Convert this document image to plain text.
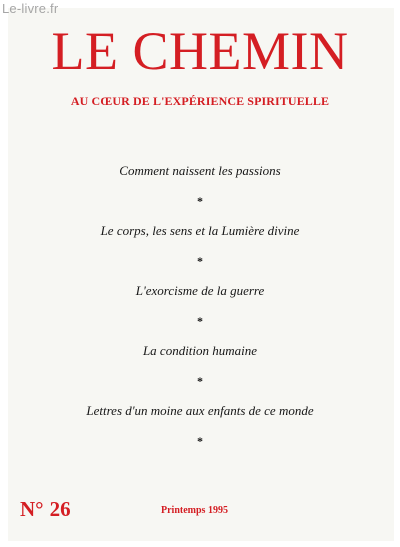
Le-livre.fr
LE CHEMIN
AU CŒUR DE L'EXPÉRIENCE SPIRITUELLE
Comment naissent les passions
*
Le corps, les sens et la Lumière divine
*
L'exorcisme de la guerre
*
La condition humaine
*
Lettres d'un moine aux enfants de ce monde
*
N° 26	Printemps 1995
